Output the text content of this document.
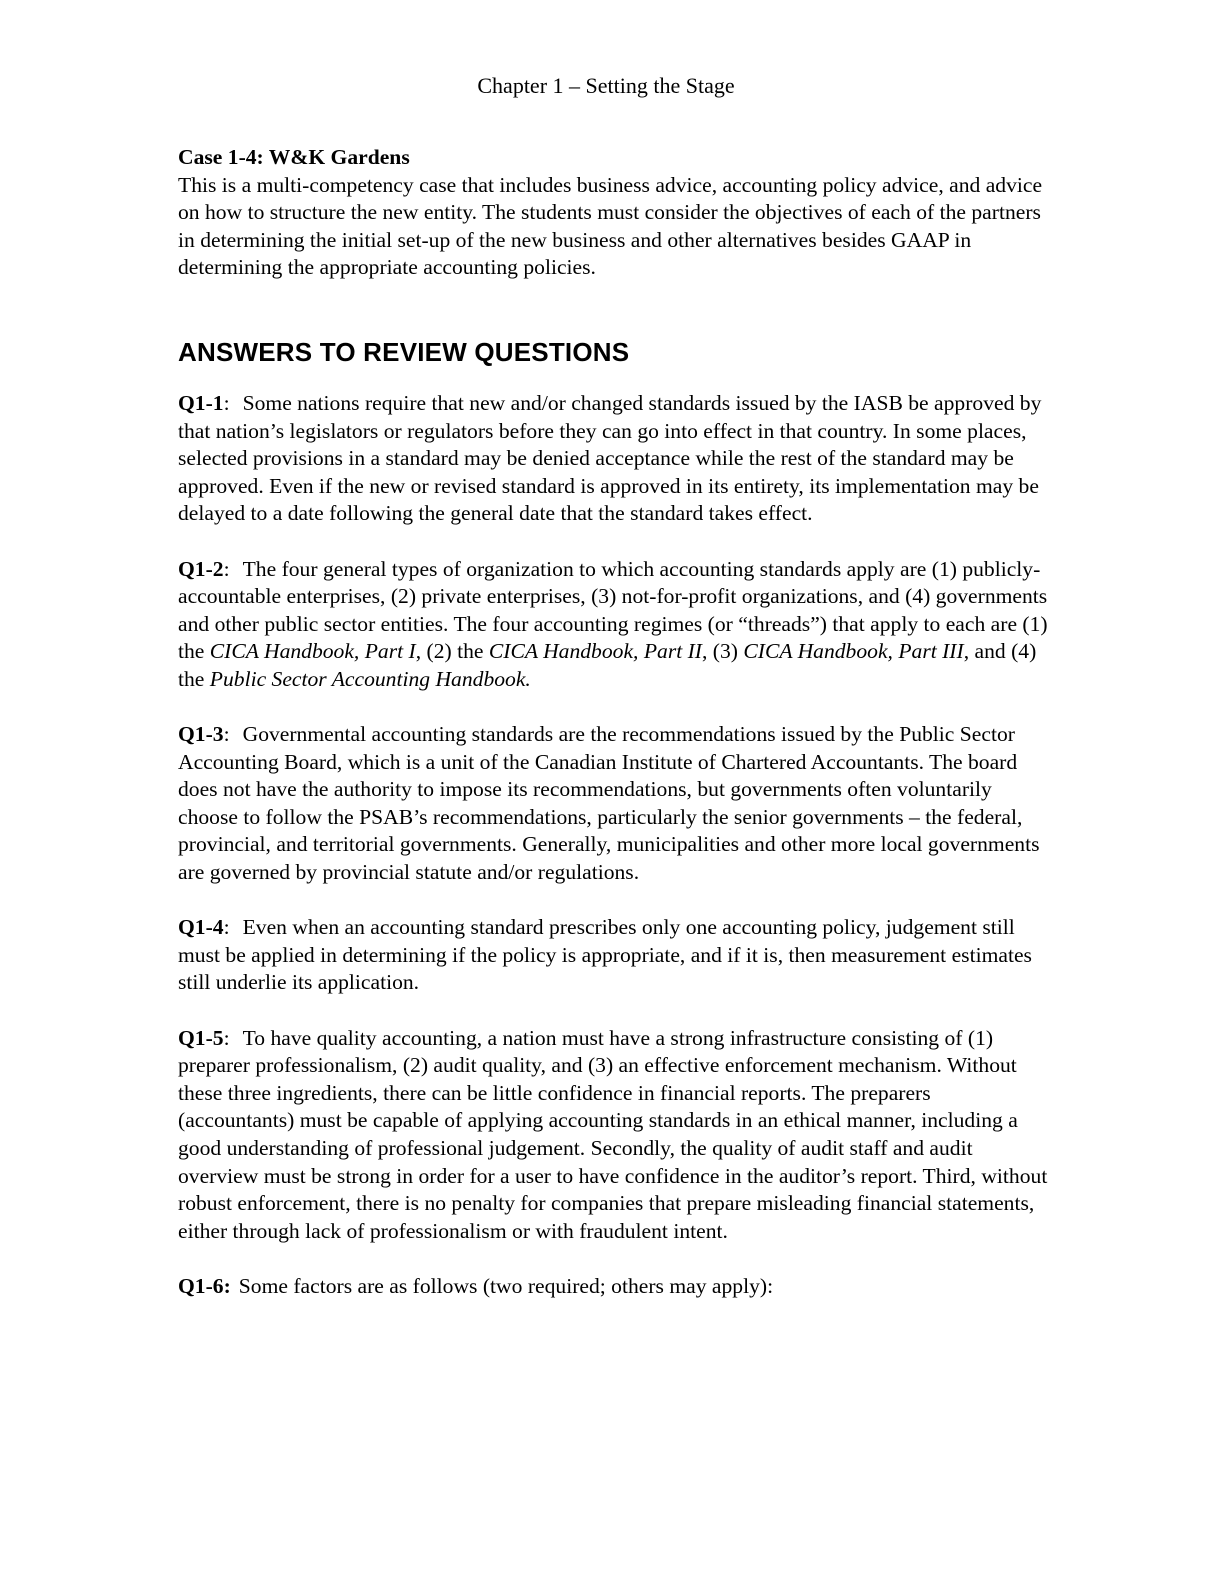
Chapter 1 – Setting the Stage

Case 1-4: W&K Gardens

This is a multi-competency case that includes business advice, accounting policy advice, and advice on how to structure the new entity. The students must consider the objectives of each of the partners in determining the initial set-up of the new business and other alternatives besides GAAP in determining the appropriate accounting policies.

ANSWERS TO REVIEW QUESTIONS

Q1-1: Some nations require that new and/or changed standards issued by the IASB be approved by that nation’s legislators or regulators before they can go into effect in that country. In some places, selected provisions in a standard may be denied acceptance while the rest of the standard may be approved. Even if the new or revised standard is approved in its entirety, its implementation may be delayed to a date following the general date that the standard takes effect.

Q1-2: The four general types of organization to which accounting standards apply are (1) publicly-accountable enterprises, (2) private enterprises, (3) not-for-profit organizations, and (4) governments and other public sector entities. The four accounting regimes (or “threads”) that apply to each are (1) the CICA Handbook, Part I, (2) the CICA Handbook, Part II, (3) CICA Handbook, Part III, and (4) the Public Sector Accounting Handbook.

Q1-3: Governmental accounting standards are the recommendations issued by the Public Sector Accounting Board, which is a unit of the Canadian Institute of Chartered Accountants. The board does not have the authority to impose its recommendations, but governments often voluntarily choose to follow the PSAB’s recommendations, particularly the senior governments – the federal, provincial, and territorial governments. Generally, municipalities and other more local governments are governed by provincial statute and/or regulations.

Q1-4: Even when an accounting standard prescribes only one accounting policy, judgement still must be applied in determining if the policy is appropriate, and if it is, then measurement estimates still underlie its application.

Q1-5: To have quality accounting, a nation must have a strong infrastructure consisting of (1) preparer professionalism, (2) audit quality, and (3) an effective enforcement mechanism. Without these three ingredients, there can be little confidence in financial reports. The preparers (accountants) must be capable of applying accounting standards in an ethical manner, including a good understanding of professional judgement. Secondly, the quality of audit staff and audit overview must be strong in order for a user to have confidence in the auditor’s report. Third, without robust enforcement, there is no penalty for companies that prepare misleading financial statements, either through lack of professionalism or with fraudulent intent.

Q1-6: Some factors are as follows (two required; others may apply):
